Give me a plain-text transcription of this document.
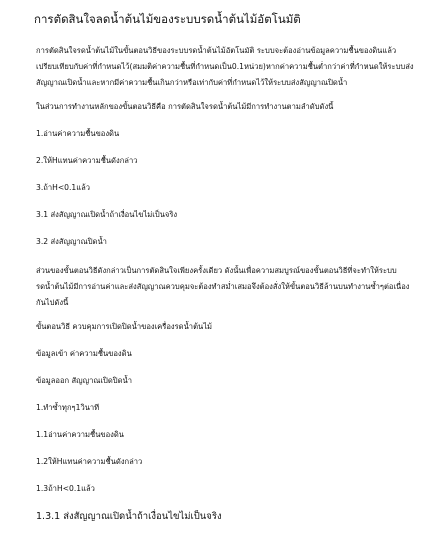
การตัดสินใจลดน้ำต้นไม้ของระบบรดน้ำต้นไม้อัตโนมัติ
การตัดสินใจรดน้ำต้นไม้ในขั้นตอนวิธีของระบบรดน้ำต้นไม้อัตโนมัติ ระบบจะต้องอ่านข้อมูลความชื้นของดินแล้วเปรียบเทียบกับค่าที่กำหนดไว้(สมมติค่าความชื้นที่กำหนดเป็น0.1หน่วย)หากค่าความชื้นต่ำกว่าค่าที่กำหนดให้ระบบส่งสัญญาณเปิดน้ำและหากมีค่าความชื้นเกินกว่าหรือเท่ากับค่าที่กำหนดไว้ให้ระบบส่งสัญญาณปิดน้ำ
ในส่วนการทำงานหลักของขั้นตอนวิธีคือ การตัดสินใจรดน้ำต้นไม้มีการทำงานตามลำดับดังนี้
1.อ่านค่าความชื้นของดิน
2.ให้Hแทนค่าความชื้นดังกล่าว
3.ถ้าH<0.1แล้ว
3.1 ส่งสัญญาณเปิดน้ำถ้าเงื่อนไขไม่เป็นจริง
3.2 ส่งสัญญาณปิดน้ำ
ส่วนของขั้นตอนวิธีดังกล่าวเป็นการตัดสินใจเพียงครั้งเดียว ดังนั้นเพื่อความสมบูรณ์ของขั้นตอนวิธีที่จะทำให้ระบบรดน้ำต้นไม้มีการอ่านค่าและส่งสัญญาณควบคุมจะต้องทำสม่ำเสมอจึงต้องสั่งให้ขั้นตอนวิธีล้านบนทำงานซ้ำๆต่อเนื่องกันไปดังนี้
ขั้นตอนวิธี ควบคุมการเปิดปิดน้ำของเครื่องรดน้ำต้นไม้
ข้อมูลเข้า ค่าความชื้นของดิน
ข้อมูลออก สัญญาณเปิดปิดน้ำ
1.ทำซ้ำทุกๆ1วินาที
1.1อ่านค่าความชื้นของดิน
1.2ให้Hแทนค่าความชื้นดังกล่าว
1.3ถ้าH<0.1แล้ว
1.3.1 ส่งสัญญาณเปิดน้ำถ้าเงื่อนไขไม่เป็นจริง
